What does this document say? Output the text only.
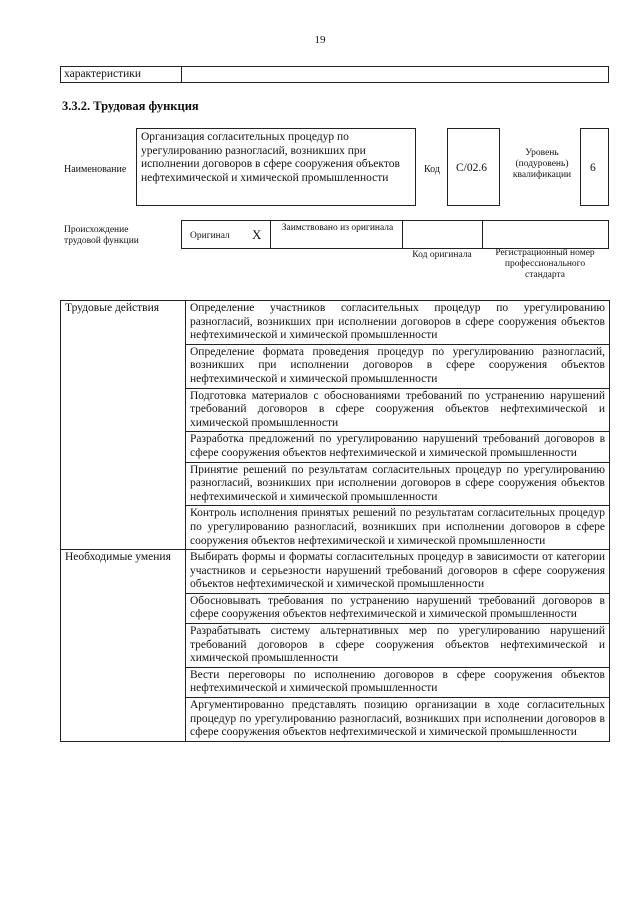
19
характеристики
3.3.2. Трудовая функция
Наименование
Организация согласительных процедур по урегулированию разногласий, возникших при исполнении договоров в сфере сооружения объектов нефтехимической и химической промышленности
Код C/02.6
Уровень (подуровень) квалификации
6
Происхождение трудовой функции	Оригинал X	Заимствовано из оригинала
Код оригинала	Регистрационный номер профессионального стандарта
Трудовые действия	Определение участников согласительных процедур по урегулированию разногласий, возникших при исполнении договоров в сфере сооружения объектов нефтехимической и химической промышленности
	Определение формата проведения процедур по урегулированию разногласий, возникших при исполнении договоров в сфере сооружения объектов нефтехимической и химической промышленности
	Подготовка материалов с обоснованиями требований по устранению нарушений требований договоров в сфере сооружения объектов нефтехимической и химической промышленности
	Разработка предложений по урегулированию нарушений требований договоров в сфере сооружения объектов нефтехимической и химической промышленности
	Принятие решений по результатам согласительных процедур по урегулированию разногласий, возникших при исполнении договоров в сфере сооружения объектов нефтехимической и химической промышленности
	Контроль исполнения принятых решений по результатам согласительных процедур по урегулированию разногласий, возникших при исполнении договоров в сфере сооружения объектов нефтехимической и химической промышленности
Необходимые умения	Выбирать формы и форматы согласительных процедур в зависимости от категории участников и серьезности нарушений требований договоров в сфере сооружения объектов нефтехимической и химической промышленности
	Обосновывать требования по устранению нарушений требований договоров в сфере сооружения объектов нефтехимической и химической промышленности
	Разрабатывать систему альтернативных мер по урегулированию нарушений требований договоров в сфере сооружения объектов нефтехимической и химической промышленности
	Вести переговоры по исполнению договоров в сфере сооружения объектов нефтехимической и химической промышленности
	Аргументированно представлять позицию организации в ходе согласительных процедур по урегулированию разногласий, возникших при исполнении договоров в сфере сооружения объектов нефтехимической и химической промышленности
